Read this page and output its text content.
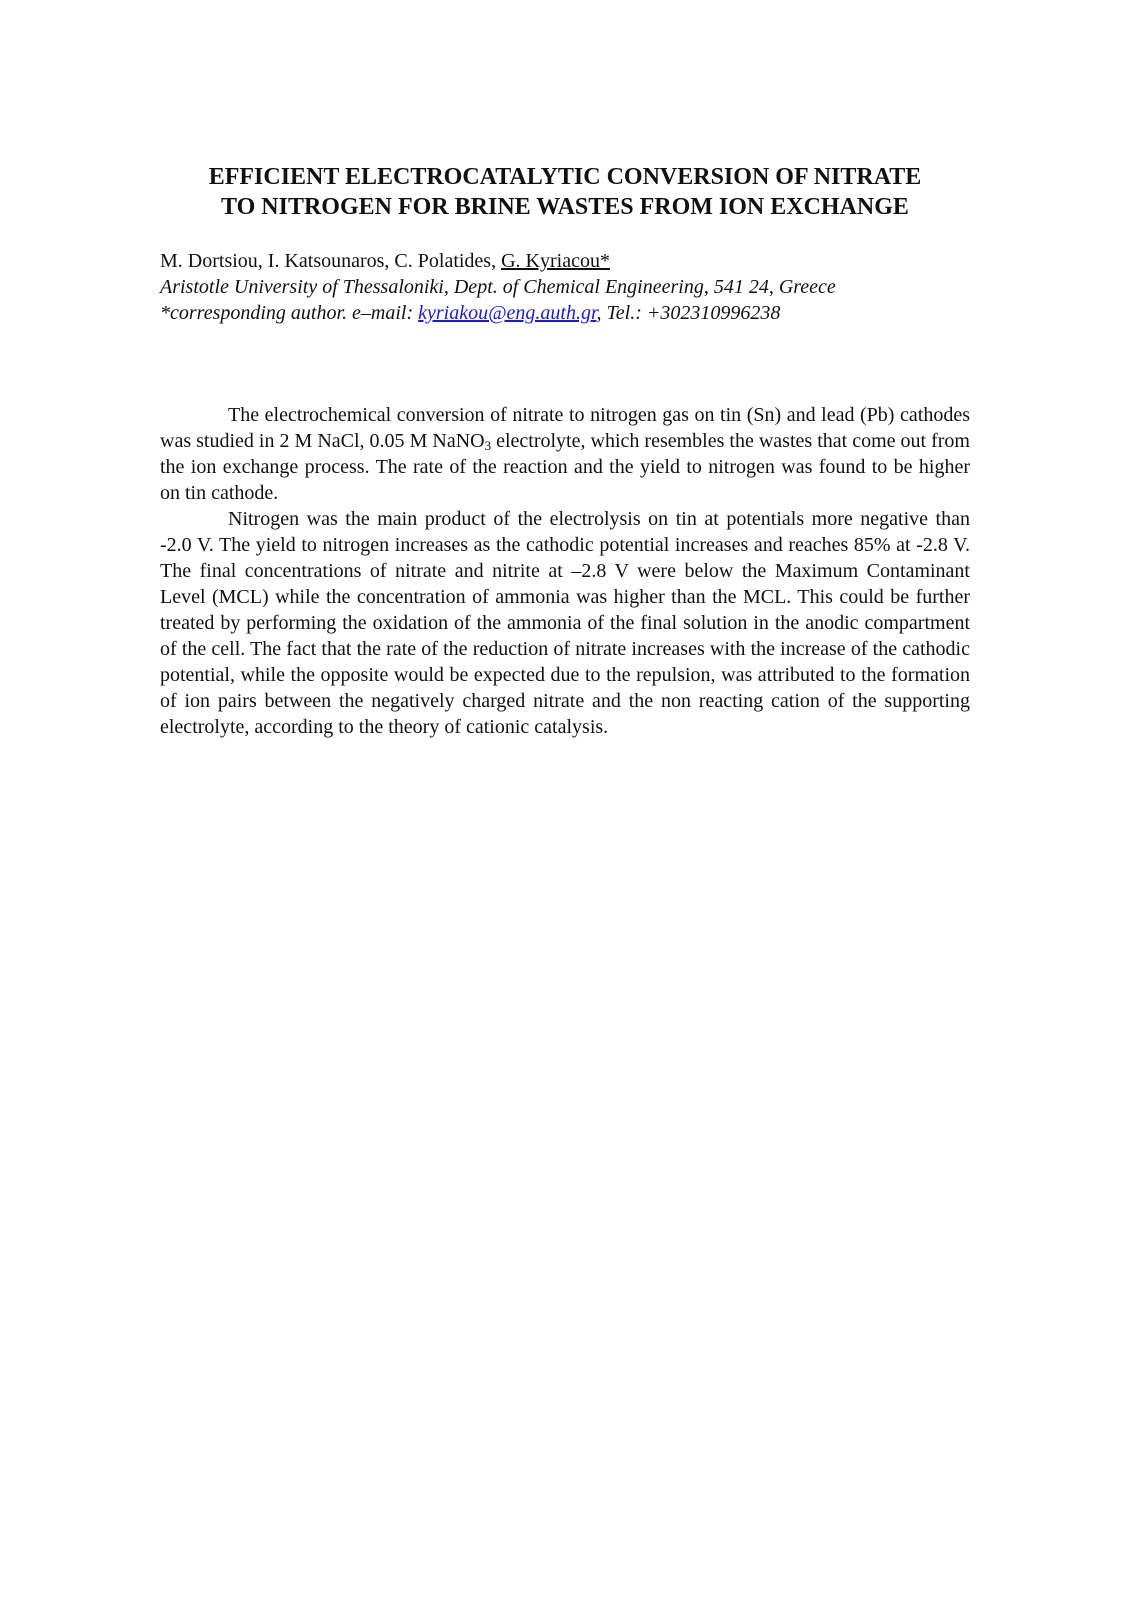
EFFICIENT ELECTROCATALYTIC CONVERSION OF NITRATE
TO NITROGEN FOR BRINE WASTES FROM ION EXCHANGE
M. Dortsiou, I. Katsounaros, C. Polatides, G. Kyriacou*
Aristotle University of Thessaloniki, Dept. of Chemical Engineering, 541 24, Greece
*corresponding author. e–mail: kyriakou@eng.auth.gr, Tel.: +302310996238

The electrochemical conversion of nitrate to nitrogen gas on tin (Sn) and lead (Pb) cathodes was studied in 2 M NaCl, 0.05 M NaNO$_3$ electrolyte, which resembles the wastes that come out from the ion exchange process. The rate of the reaction and the yield to nitrogen was found to be higher on tin cathode.

Nitrogen was the main product of the electrolysis on tin at potentials more negative than -2.0 V. The yield to nitrogen increases as the cathodic potential increases and reaches 85% at -2.8 V. The final concentrations of nitrate and nitrite at –2.8 V were below the Maximum Contaminant Level (MCL) while the concentration of ammonia was higher than the MCL. This could be further treated by performing the oxidation of the ammonia of the final solution in the anodic compartment of the cell. The fact that the rate of the reduction of nitrate increases with the increase of the cathodic potential, while the opposite would be expected due to the repulsion, was attributed to the formation of ion pairs between the negatively charged nitrate and the non reacting cation of the supporting electrolyte, according to the theory of cationic catalysis.
